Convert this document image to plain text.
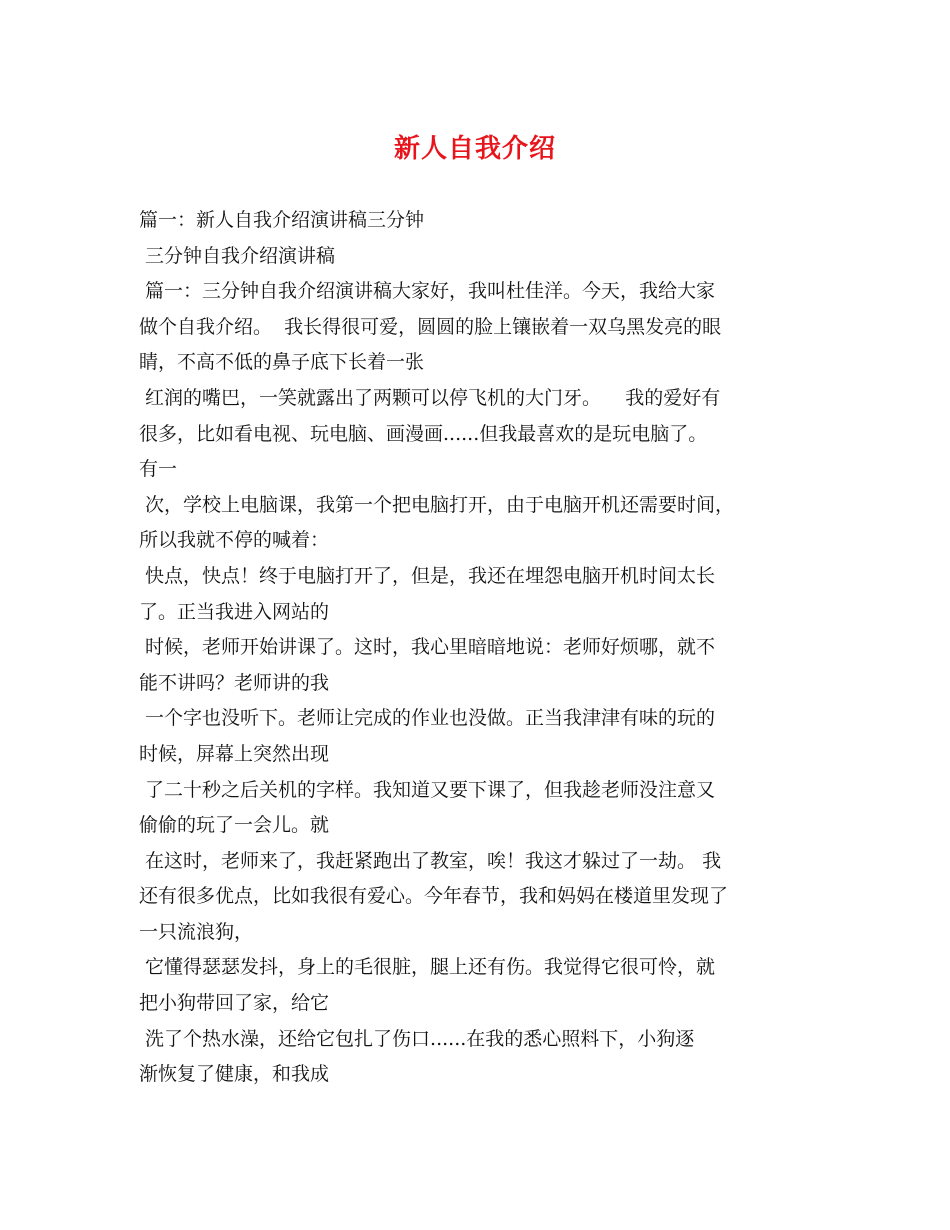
新人自我介绍
篇一：新人自我介绍演讲稿三分钟
三分钟自我介绍演讲稿
篇一：三分钟自我介绍演讲稿大家好，我叫杜佳洋。今天，我给大家
做个自我介绍。  我长得很可爱，圆圆的脸上镶嵌着一双乌黑发亮的眼
睛，不高不低的鼻子底下长着一张
红润的嘴巴，一笑就露出了两颗可以停飞机的大门牙。    我的爱好有
很多，比如看电视、玩电脑、画漫画......但我最喜欢的是玩电脑了。
有一
次，学校上电脑课，我第一个把电脑打开，由于电脑开机还需要时间，
所以我就不停的喊着：
快点，快点！终于电脑打开了，但是，我还在埋怨电脑开机时间太长
了。正当我进入网站的
时候，老师开始讲课了。这时，我心里暗暗地说：老师好烦哪，就不
能不讲吗？老师讲的我
一个字也没听下。老师让完成的作业也没做。正当我津津有味的玩的
时候，屏幕上突然出现
了二十秒之后关机的字样。我知道又要下课了，但我趁老师没注意又
偷偷的玩了一会儿。就
在这时，老师来了，我赶紧跑出了教室，唉！我这才躲过了一劫。 我
还有很多优点，比如我很有爱心。今年春节，我和妈妈在楼道里发现了
一只流浪狗，
它懂得瑟瑟发抖，身上的毛很脏，腿上还有伤。我觉得它很可怜，就
把小狗带回了家，给它
洗了个热水澡，还给它包扎了伤口......在我的悉心照料下，小狗逐
渐恢复了健康，和我成
